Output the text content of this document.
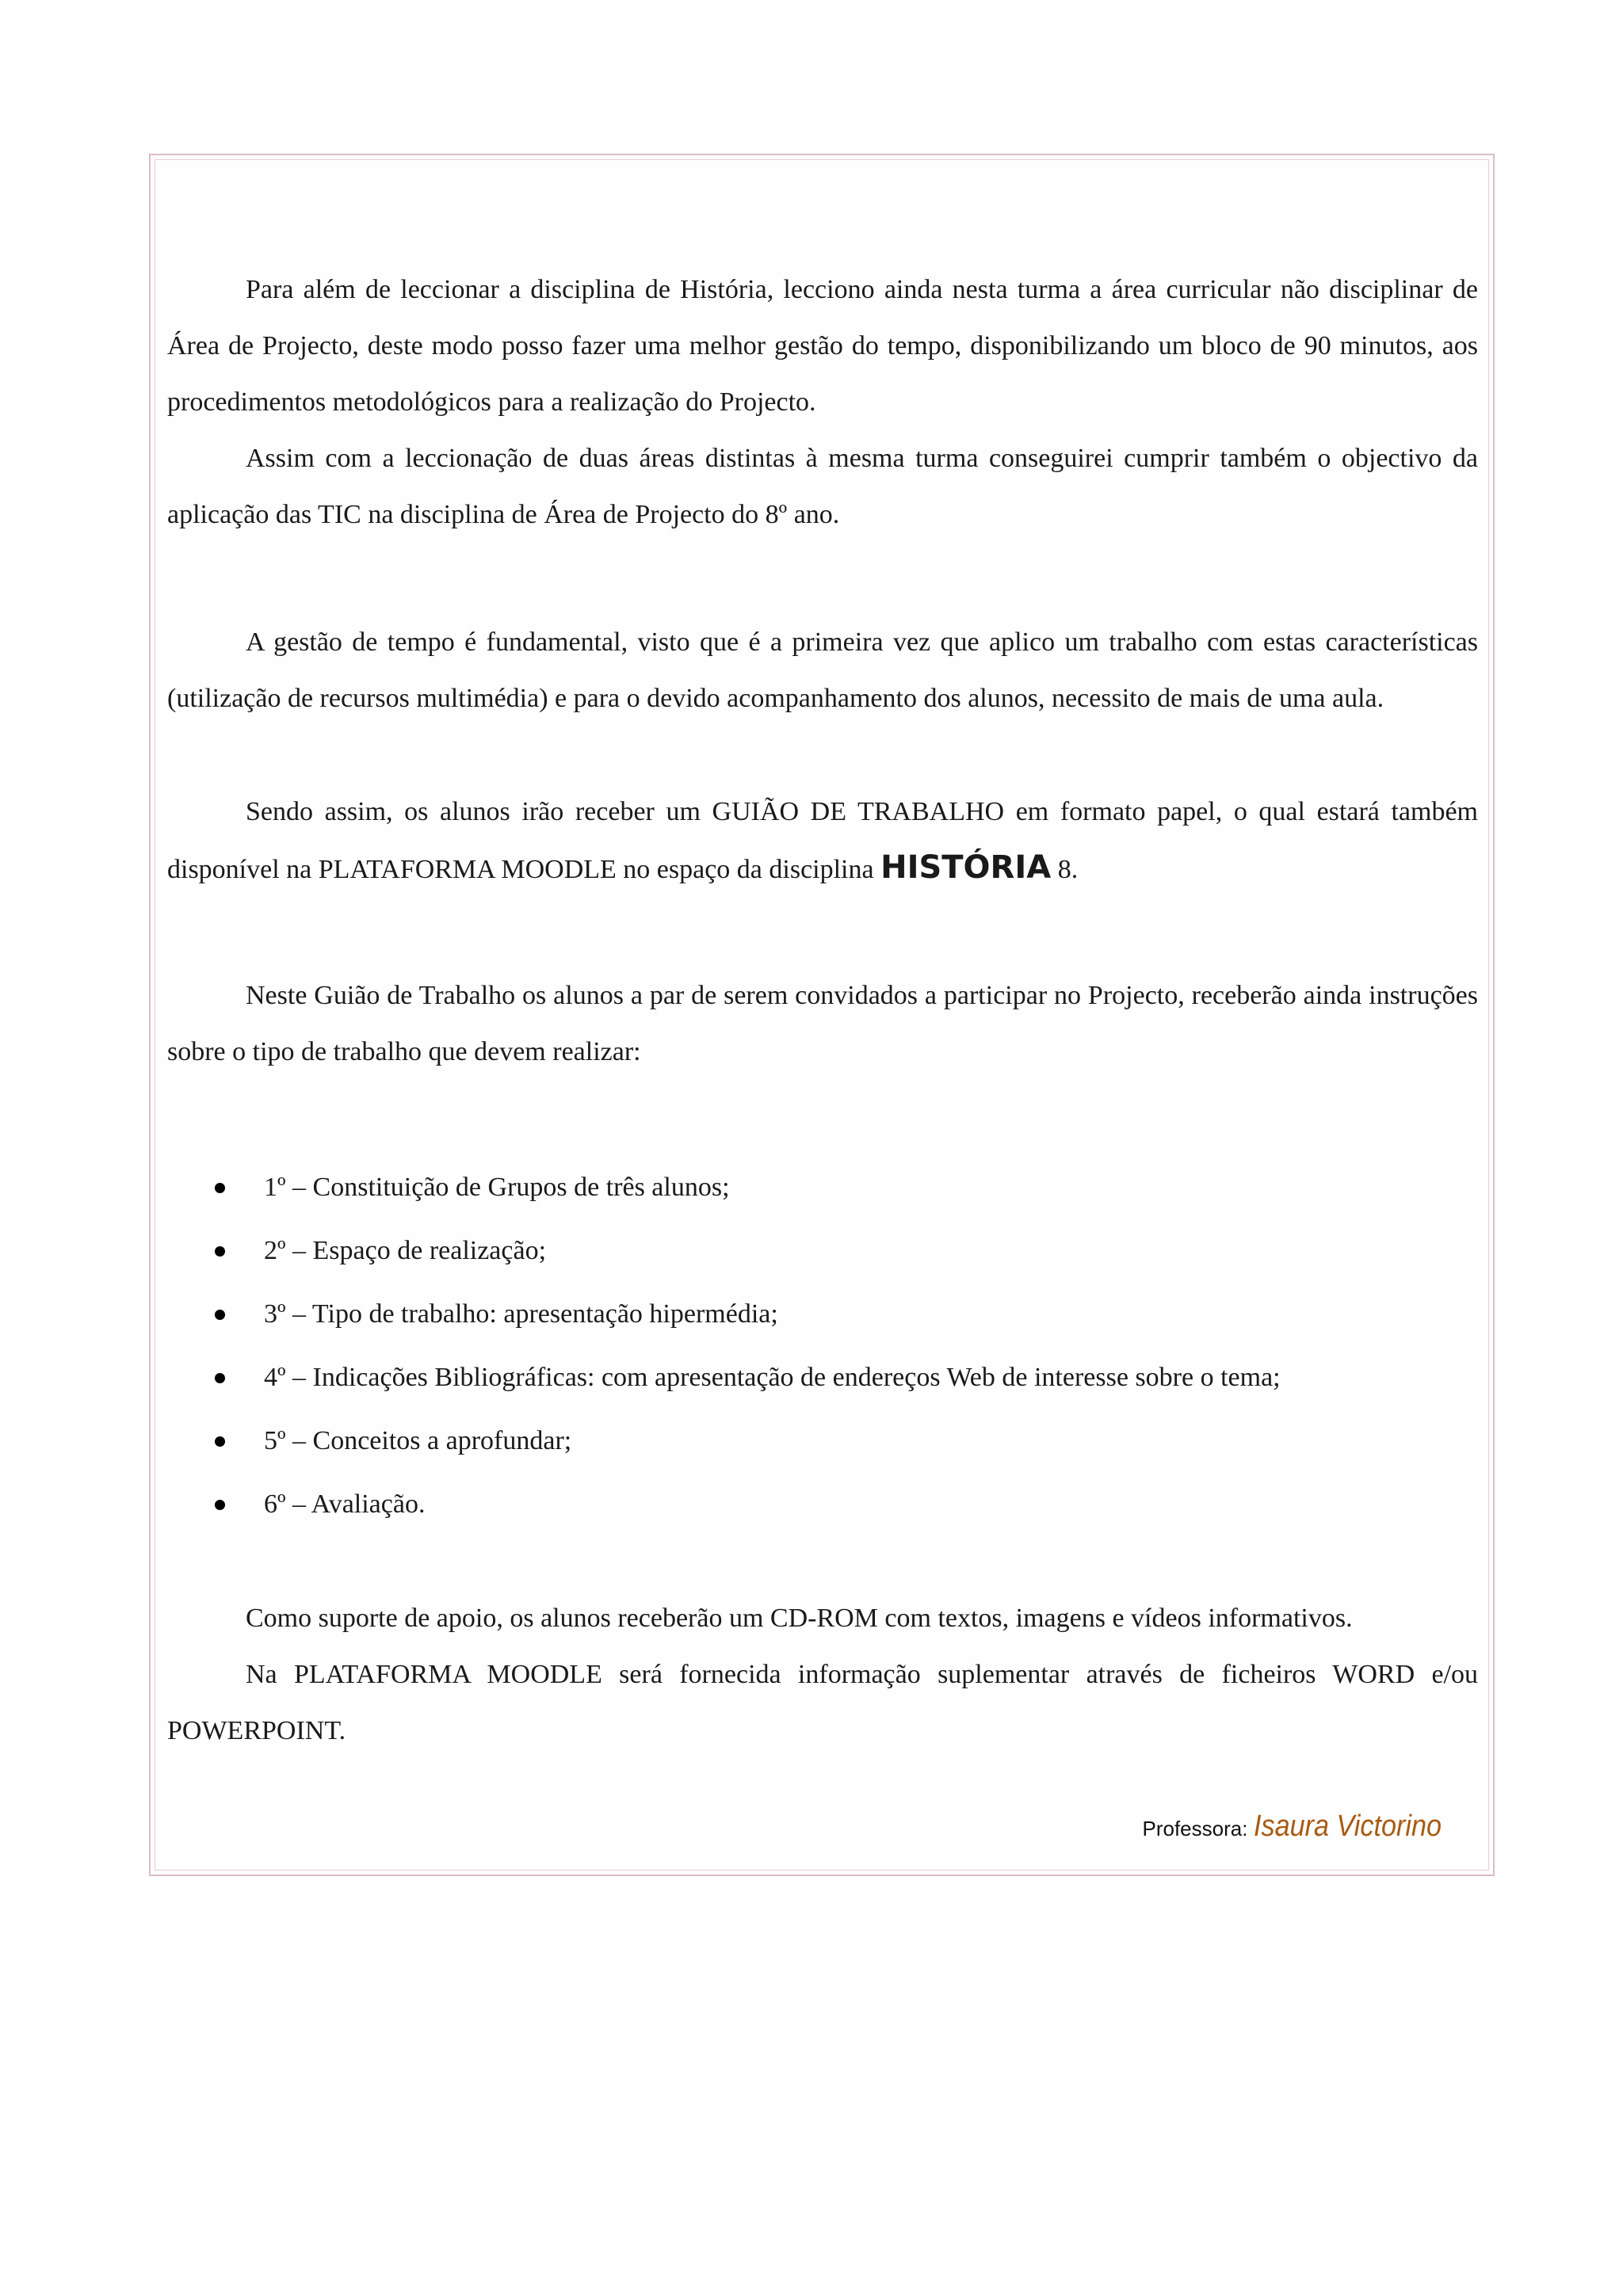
Para além de leccionar a disciplina de História, lecciono ainda nesta turma a área curricular não disciplinar de Área de Projecto, deste modo posso fazer uma melhor gestão do tempo, disponibilizando um bloco de 90 minutos, aos procedimentos metodológicos para a realização do Projecto.

Assim com a leccionação de duas áreas distintas à mesma turma conseguirei cumprir também o objectivo da aplicação das TIC na disciplina de Área de Projecto do 8º ano.

A gestão de tempo é fundamental, visto que é a primeira vez que aplico um trabalho com estas características (utilização de recursos multimédia) e para o devido acompanhamento dos alunos, necessito de mais de uma aula.

Sendo assim, os alunos irão receber um GUIÃO DE TRABALHO em formato papel, o qual estará também disponível na PLATAFORMA MOODLE no espaço da disciplina HISTÓRIA 8.

Neste Guião de Trabalho os alunos a par de serem convidados a participar no Projecto, receberão ainda instruções sobre o tipo de trabalho que devem realizar:

1º – Constituição de Grupos de três alunos;
2º – Espaço de realização;
3º – Tipo de trabalho: apresentação hipermédia;
4º – Indicações Bibliográficas: com apresentação de endereços Web de interesse sobre o tema;
5º – Conceitos a aprofundar;
6º – Avaliação.

Como suporte de apoio, os alunos receberão um CD-ROM com textos, imagens e vídeos informativos.

Na PLATAFORMA MOODLE será fornecida informação suplementar através de ficheiros WORD e/ou POWERPOINT.

Professora: Isaura Victorino
